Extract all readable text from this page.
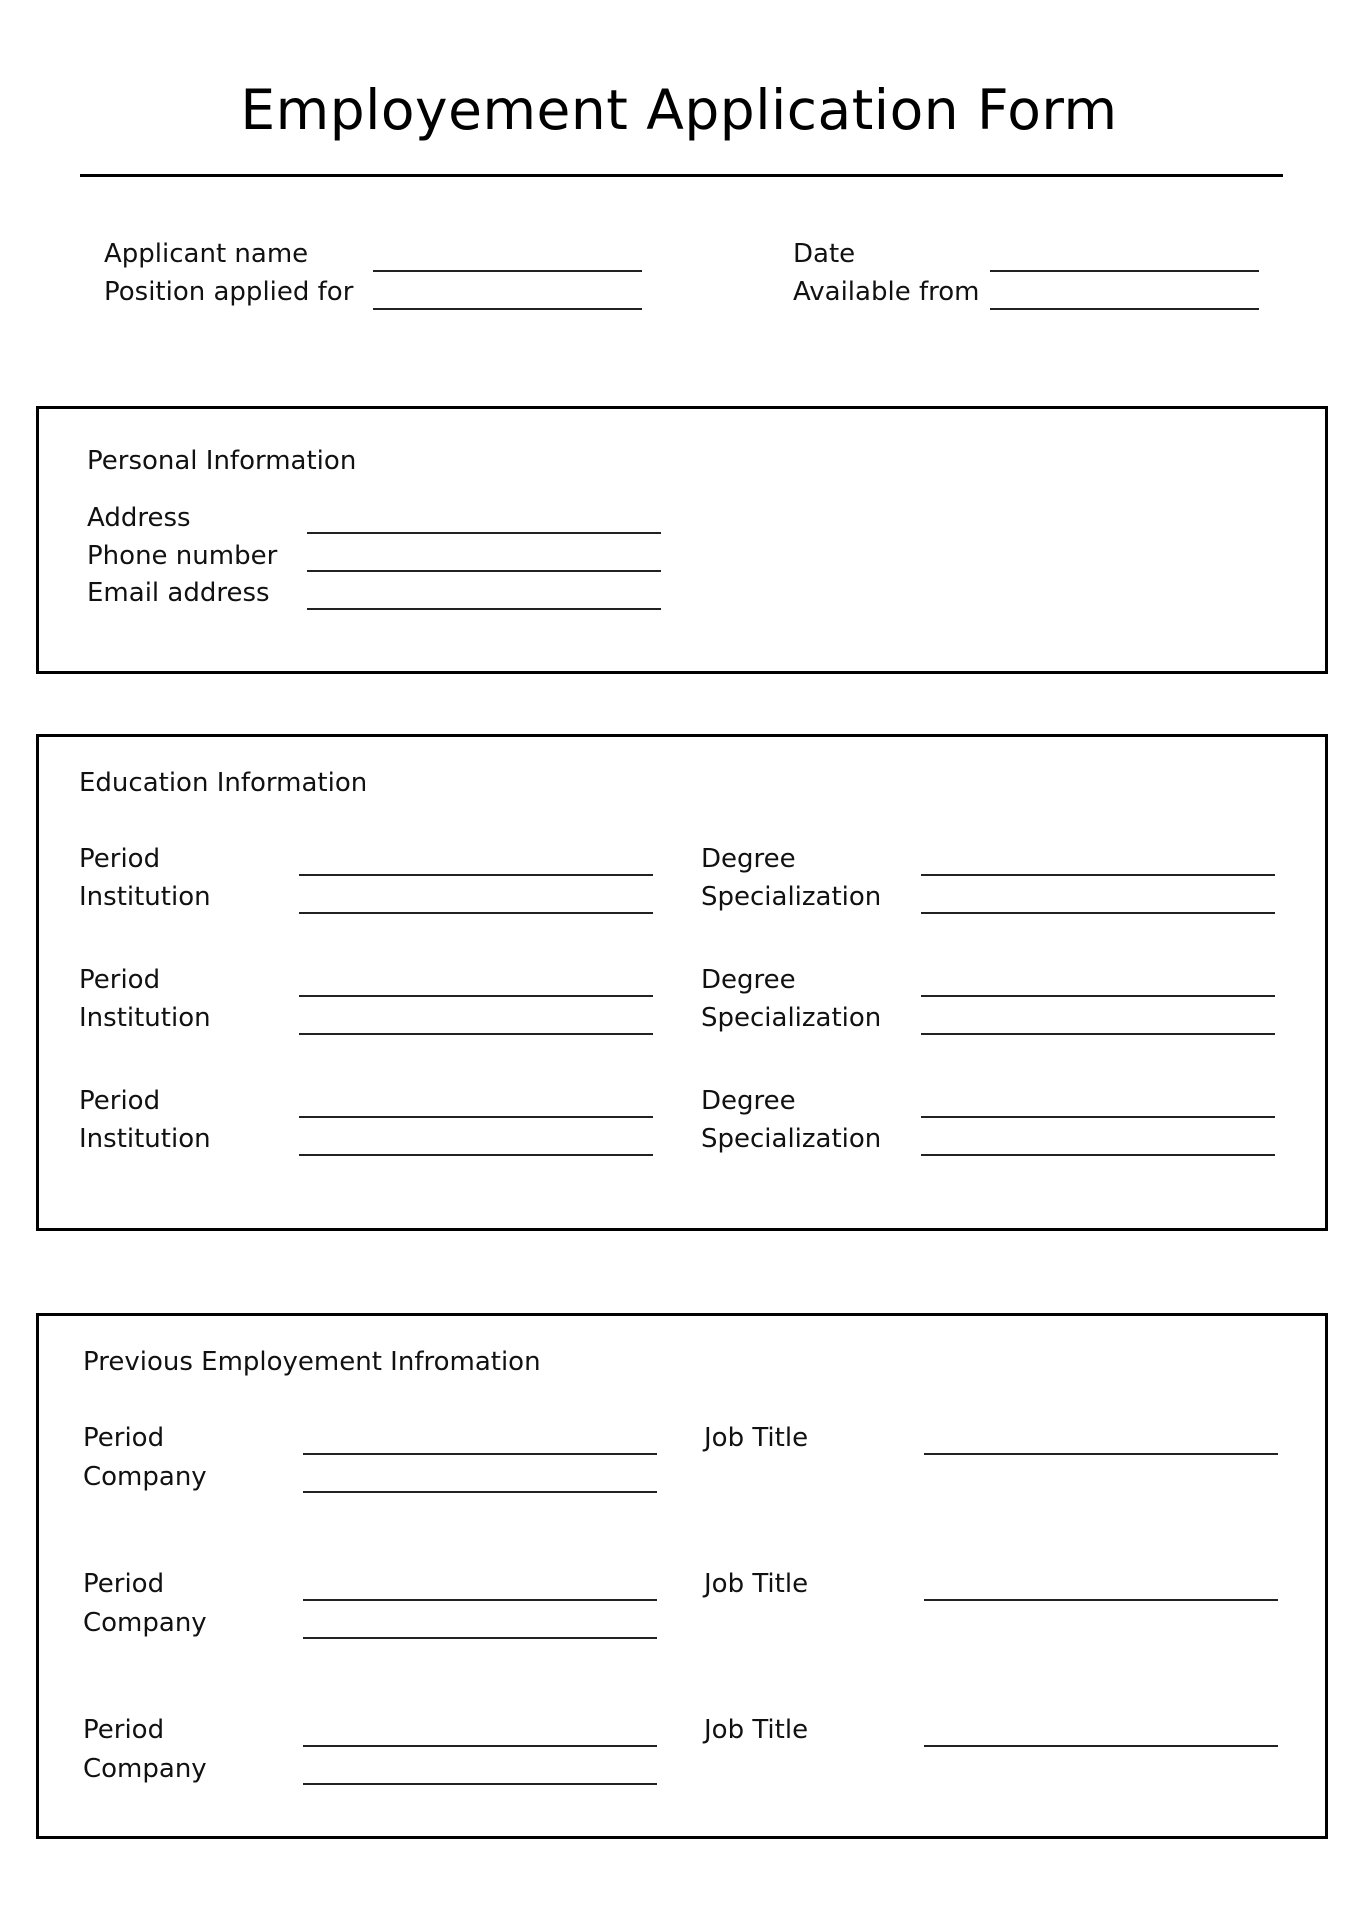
Employement Application Form
Applicant name
Position applied for
Date
Available from
Personal Information
Address
Phone number
Email address
Education Information
Period
Institution
Degree
Specialization
Period
Institution
Degree
Specialization
Period
Institution
Degree
Specialization
Previous Employement Infromation
Period
Company
Job Title
Period
Company
Job Title
Period
Company
Job Title
